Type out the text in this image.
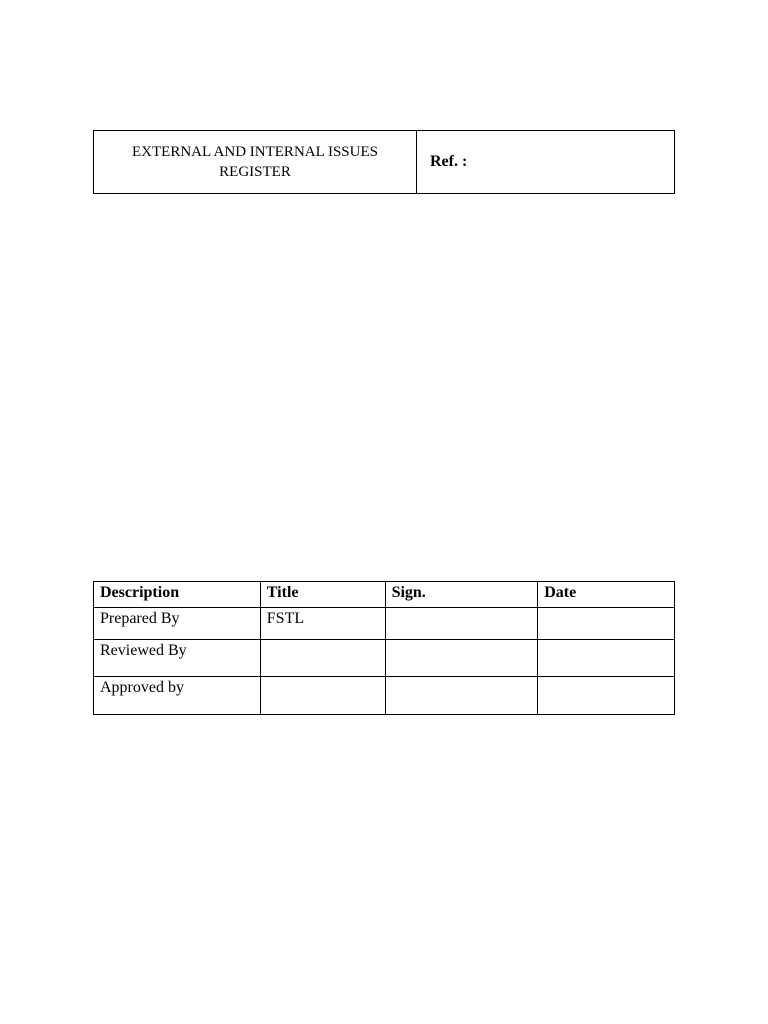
EXTERNAL AND INTERNAL ISSUES
REGISTER
Ref. :
Description	Title	Sign.	Date
Prepared By	FSTL		
Reviewed By			
Approved by			
